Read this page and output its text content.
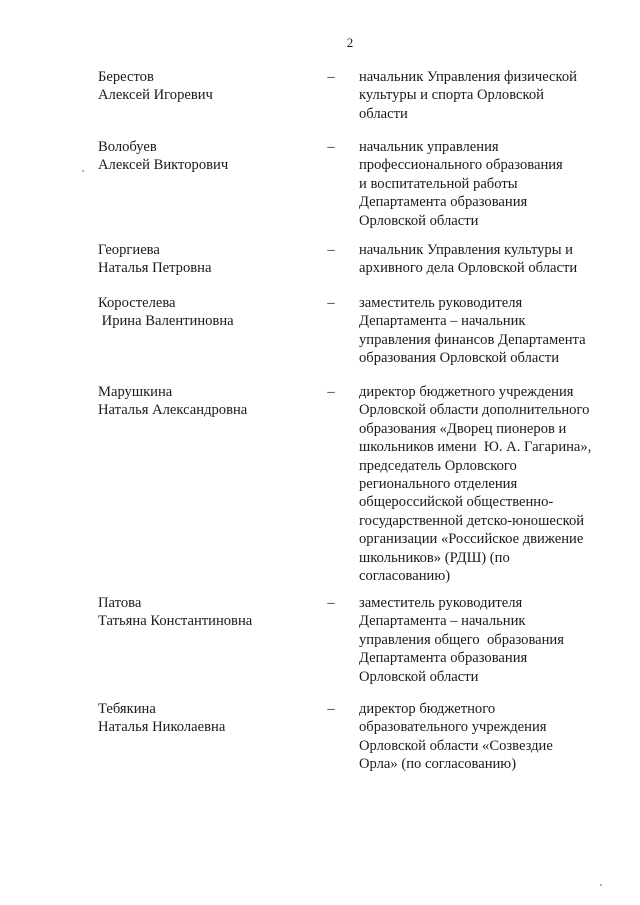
2
Берестов
Алексей Игоревич
– начальник Управления физической
культуры и спорта Орловской
области
Волобуев
Алексей Викторович
– начальник управления
профессионального образования
и воспитательной работы
Департамента образования
Орловской области
Георгиева
Наталья Петровна
– начальник Управления культуры и
архивного дела Орловской области
Коростелева
Ирина Валентиновна
– заместитель руководителя
Департамента – начальник
управления финансов Департамента
образования Орловской области
Марушкина
Наталья Александровна
– директор бюджетного учреждения
Орловской области дополнительного
образования «Дворец пионеров и
школьников имени  Ю. А. Гагарина»,
председатель Орловского
регионального отделения
общероссийской общественно-
государственной детско-юношеской
организации «Российское движение
школьников» (РДШ) (по
согласованию)
Патова
Татьяна Константиновна
– заместитель руководителя
Департамента – начальник
управления общего  образования
Департамента образования
Орловской области
Тебякина
Наталья Николаевна
– директор бюджетного
образовательного учреждения
Орловской области «Созвездие
Орла» (по согласованию)
